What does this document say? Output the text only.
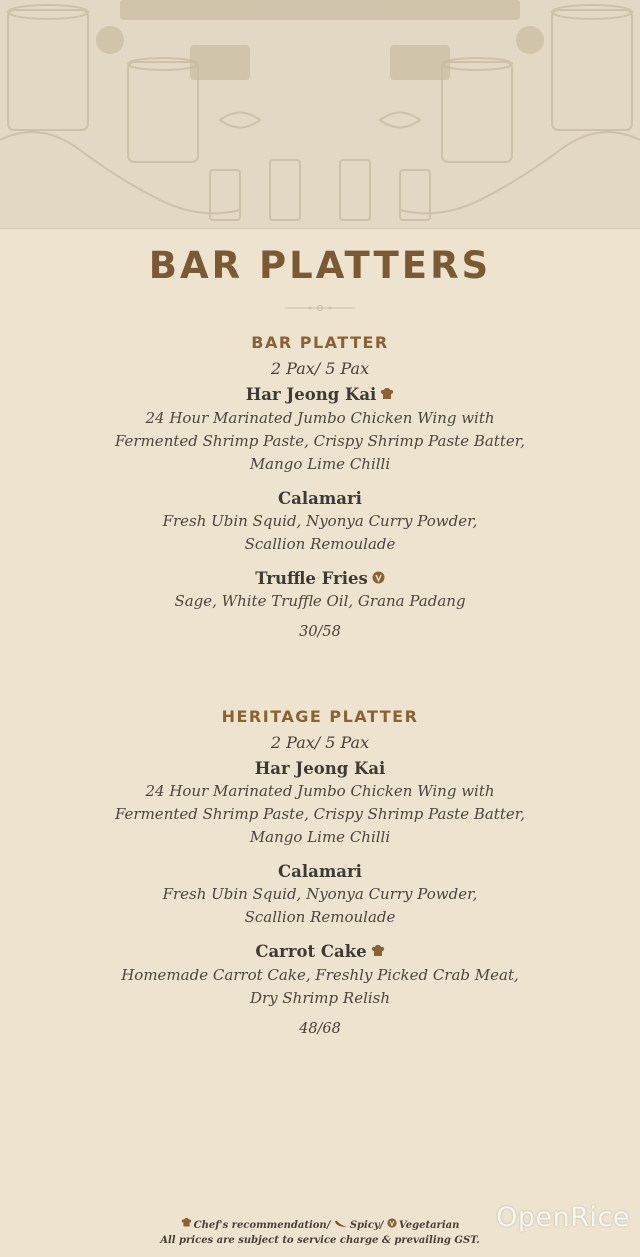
BAR PLATTERS
BAR PLATTER
2 Pax/ 5 Pax
Har Jeong Kai
24 Hour Marinated Jumbo Chicken Wing with
Fermented Shrimp Paste, Crispy Shrimp Paste Batter,
Mango Lime Chilli
Calamari
Fresh Ubin Squid, Nyonya Curry Powder,
Scallion Remoulade
Truffle Fries
Sage, White Truffle Oil, Grana Padang
30/58
HERITAGE PLATTER
2 Pax/ 5 Pax
Har Jeong Kai
24 Hour Marinated Jumbo Chicken Wing with
Fermented Shrimp Paste, Crispy Shrimp Paste Batter,
Mango Lime Chilli
Calamari
Fresh Ubin Squid, Nyonya Curry Powder,
Scallion Remoulade
Carrot Cake
Homemade Carrot Cake, Freshly Picked Crab Meat,
Dry Shrimp Relish
48/68
Chef's recommendation/ Spicy/ Vegetarian
All prices are subject to service charge & prevailing GST.
OpenRice
